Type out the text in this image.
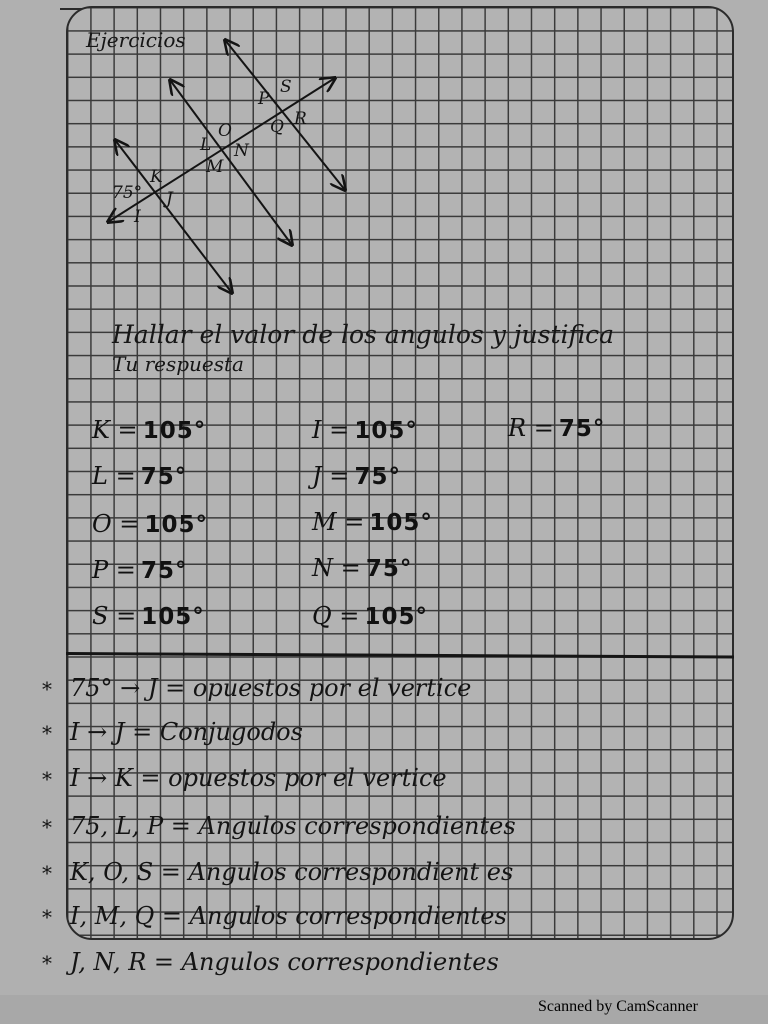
Ejercicios
75°
K
I
J
L
O
M
N
P
S
Q R
Hallar el valor de los angulos y justifica
Tu respuesta
K = 105°
L = 75°
O = 105°
P = 75°
S = 105°
I = 105°
J = 75°
M = 105°
N = 75°
Q = 105°
R = 75°
* 75° → J = opuestos por el vertice
* I → J = Conjugodos
* I → K = opuestos por el vertice
* 75, L, P = Angulos correspondientes
* K, O, S = Angulos correspondient es
* I, M, Q = Angulos correspondientes
* J, N, R = Angulos correspondientes
Scanned by CamScanner
